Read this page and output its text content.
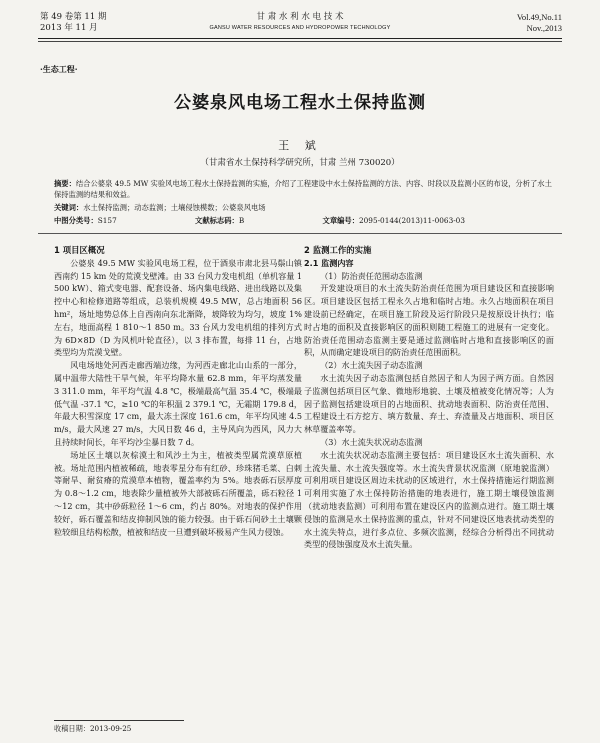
第 49 卷第 11 期
2013 年 11 月
甘 肃 水 利 水 电 技 术
GANSU WATER RESOURCES AND HYDROPOWER TECHNOLOGY
Vol.49,No.11
Nov.,2013
·生态工程·
公婆泉风电场工程水土保持监测
王 斌
（甘肃省水土保持科学研究所，甘肃 兰州 730020）
摘要：结合公婆泉 49.5 MW 实验风电场工程水土保持监测的实施，介绍了工程建设中水土保持监测的方法、内容、时段以及监测小区的布设，分析了水土保持监测的结果和效益。
关键词：水土保持监测；动态监测；土壤侵蚀模数；公婆泉风电场
中图分类号：S157	文献标志码：B	文章编号：2095-0144(2013)11-0063-03
1 项目区概况

公婆泉 49.5 MW 实验风电场工程，位于酒泉市肃北县马鬃山镇西南约 15 km 处的荒漠戈壁滩。由 33 台风力发电机组（单机容量 1 500 kW）、箱式变电器、配套设备、场内集电线路、进出线路以及集控中心和检修道路等组成，总装机规模 49.5 MW，总占地面积 56 hm²，场址地势总体上自西南向东北渐降，坡降较为均匀，坡度 1%左右，地面高程 1 810～1 850 m。33 台风力发电机组的排列方式为 6D×8D（D 为风机叶轮直径），以 3 排布置，每排 11 台，占地类型均为荒漠戈壁。

风电场地处河西走廊西端边缘，为河西走廊北山山系的一部分，属中温带大陆性干旱气候，年平均降水量 62.8 mm，年平均蒸发量 3 311.0 mm，年平均气温 4.8 ℃，极端最高气温 35.4 ℃，极端最低气温 -37.1 ℃，≥10 ℃的年积温 2 379.1 ℃，无霜期 179.8 d，年最大积雪深度 17 cm，最大冻土深度 161.6 cm，年平均风速 4.5 m/s，最大风速 27 m/s，大风日数 46 d，主导风向为西风，风力大且持续时间长，年平均沙尘暴日数 7 d。

场址区土壤以灰棕漠土和风沙土为主，植被类型属荒漠草原植被。场址范围内植被稀疏，地表零星分布有红砂、珍珠猪毛菜、白刺等耐旱、耐贫瘠的荒漠草本植物，覆盖率约为 5%。地表砾石层厚度为 0.8～1.2 cm，地表除少量植被外大部被砾石所覆盖，砾石粒径 1～12 cm，其中砂砾粒径 1～6 cm，约占 80%。对地表的保护作用较好，砾石覆盖和结皮抑制风蚀的能力较强。由于砾石间砂土土壤颗粒较细且结构松散，植被和结皮一旦遭到破坏极易产生风力侵蚀。

2 监测工作的实施
2.1 监测内容

（1）防治责任范围动态监测

开发建设项目的水土流失防治责任范围为项目建设区和直接影响区。项目建设区包括工程永久占地和临时占地。永久占地面积在项目建设前已经确定，在项目施工阶段及运行阶段只是按原设计执行；临时占地的面积及直接影响区的面积则随工程施工的进展有一定变化。防治责任范围动态监测主要是通过监测临时占地和直接影响区的面积，从而确定建设项目的防治责任范围面积。

（2）水土流失因子动态监测

水土流失因子动态监测包括自然因子和人为因子两方面。自然因子监测包括项目区气象、微地形地貌、土壤及植被变化情况等；人为因子监测包括建设项目的占地面积、扰动地表面积、防治责任范围、工程建设土石方挖方、填方数量、弃土、弃渣量及占地面积、项目区林草覆盖率等。

（3）水土流失状况动态监测

水土流失状况动态监测主要包括：项目建设区水土流失面积、水土流失量、水土流失强度等。水土流失背景状况监测（原地貌监测）可利用项目建设区周边未扰动的区域进行，水土保持措施运行期监测可利用实施了水土保持防治措施的地表进行，施工期土壤侵蚀监测（扰动地表监测）可利用布置在建设区内的监测点进行。施工期土壤侵蚀的监测是水土保持监测的重点，针对不同建设区地表扰动类型的水土流失特点，进行多点位、多频次监测，经综合分析得出不同扰动类型的侵蚀强度及水土流失量。

收稿日期：2013-09-25
